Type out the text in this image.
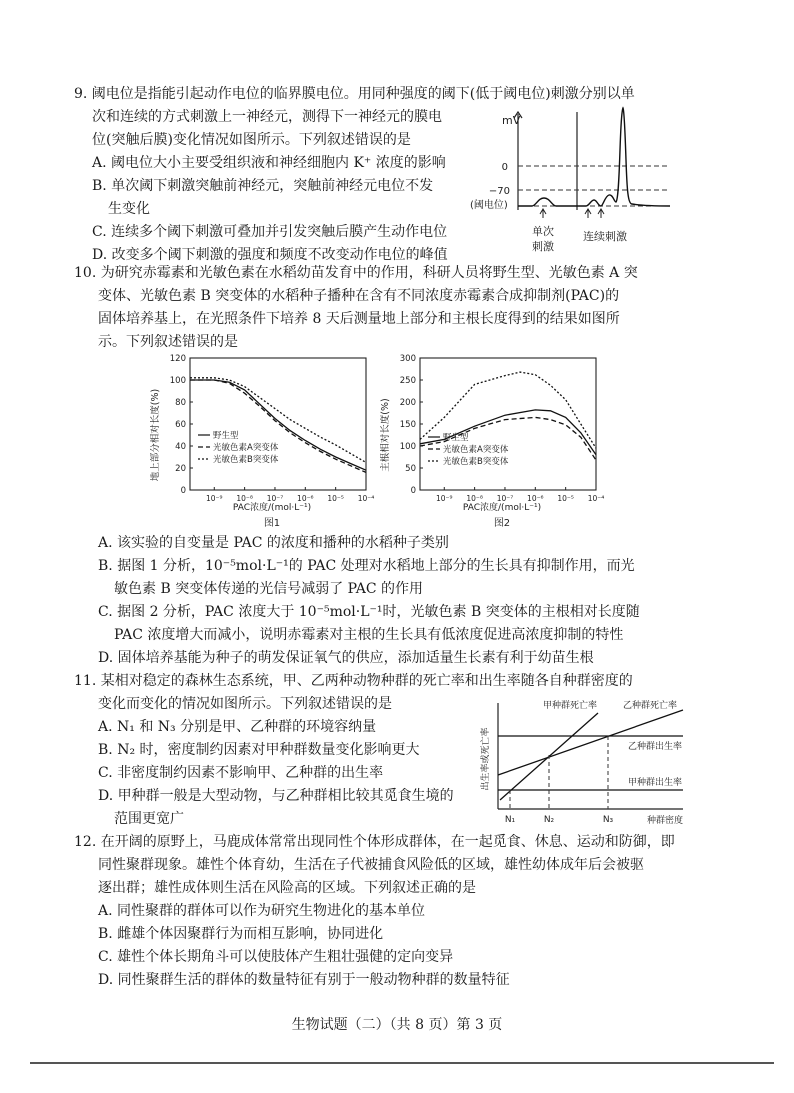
9. 阈电位是指能引起动作电位的临界膜电位。用同种强度的阈下(低于阈电位)刺激分别以单
次和连续的方式刺激上一神经元，测得下一神经元的膜电
位(突触后膜)变化情况如图所示。下列叙述错误的是
A. 阈电位大小主要受组织液和神经细胞内 K⁺ 浓度的影响
B. 单次阈下刺激突触前神经元，突触前神经元电位不发
生变化
C. 连续多个阈下刺激可叠加并引发突触后膜产生动作电位
D. 改变多个阈下刺激的强度和频度不改变动作电位的峰值
mV
0
−70
(阈电位)
单次
刺激
连续刺激
10. 为研究赤霉素和光敏色素在水稻幼苗发育中的作用，科研人员将野生型、光敏色素 A 突
变体、光敏色素 B 突变体的水稻种子播种在含有不同浓度赤霉素合成抑制剂(PAC)的
固体培养基上，在光照条件下培养 8 天后测量地上部分和主根长度得到的结果如图所
示。下列叙述错误的是
地上部分相对长度(%)
120
100
80
60
40
20
0
10⁻⁹ 10⁻⁸ 10⁻⁷ 10⁻⁶ 10⁻⁵ 10⁻⁴
野生型
光敏色素A突变体
光敏色素B突变体
PAC浓度/(mol·L⁻¹)
图1
主根相对长度(%)
300
250
200
150
100
50
0
10⁻⁹ 10⁻⁸ 10⁻⁷ 10⁻⁶ 10⁻⁵ 10⁻⁴
野生型
光敏色素A突变体
光敏色素B突变体
PAC浓度/(mol·L⁻¹)
图2
A. 该实验的自变量是 PAC 的浓度和播种的水稻种子类别
B. 据图 1 分析，10⁻⁵mol·L⁻¹的 PAC 处理对水稻地上部分的生长具有抑制作用，而光
敏色素 B 突变体传递的光信号减弱了 PAC 的作用
C. 据图 2 分析，PAC 浓度大于 10⁻⁵mol·L⁻¹时，光敏色素 B 突变体的主根相对长度随
PAC 浓度增大而减小，说明赤霉素对主根的生长具有低浓度促进高浓度抑制的特性
D. 固体培养基能为种子的萌发保证氧气的供应，添加适量生长素有利于幼苗生根
11. 某相对稳定的森林生态系统，甲、乙两种动物种群的死亡率和出生率随各自种群密度的
变化而变化的情况如图所示。下列叙述错误的是
A. N₁ 和 N₃ 分别是甲、乙种群的环境容纳量
B. N₂ 时，密度制约因素对甲种群数量变化影响更大
C. 非密度制约因素不影响甲、乙种群的出生率
D. 甲种群一般是大型动物，与乙种群相比较其觅食生境的
范围更宽广
出生率或死亡率
种群密度
N₁	N₂	N₃
甲种群死亡率	乙种群死亡率
乙种群出生率
甲种群出生率
12. 在开阔的原野上，马鹿成体常常出现同性个体形成群体，在一起觅食、休息、运动和防御，即
同性聚群现象。雄性个体育幼，生活在子代被捕食风险低的区域，雄性幼体成年后会被驱
逐出群；雄性成体则生活在风险高的区域。下列叙述正确的是
A. 同性聚群的群体可以作为研究生物进化的基本单位
B. 雌雄个体因聚群行为而相互影响，协同进化
C. 雄性个体长期角斗可以使肢体产生粗壮强健的定向变异
D. 同性聚群生活的群体的数量特征有别于一般动物种群的数量特征
生物试题（二）（共 8 页）第 3 页
